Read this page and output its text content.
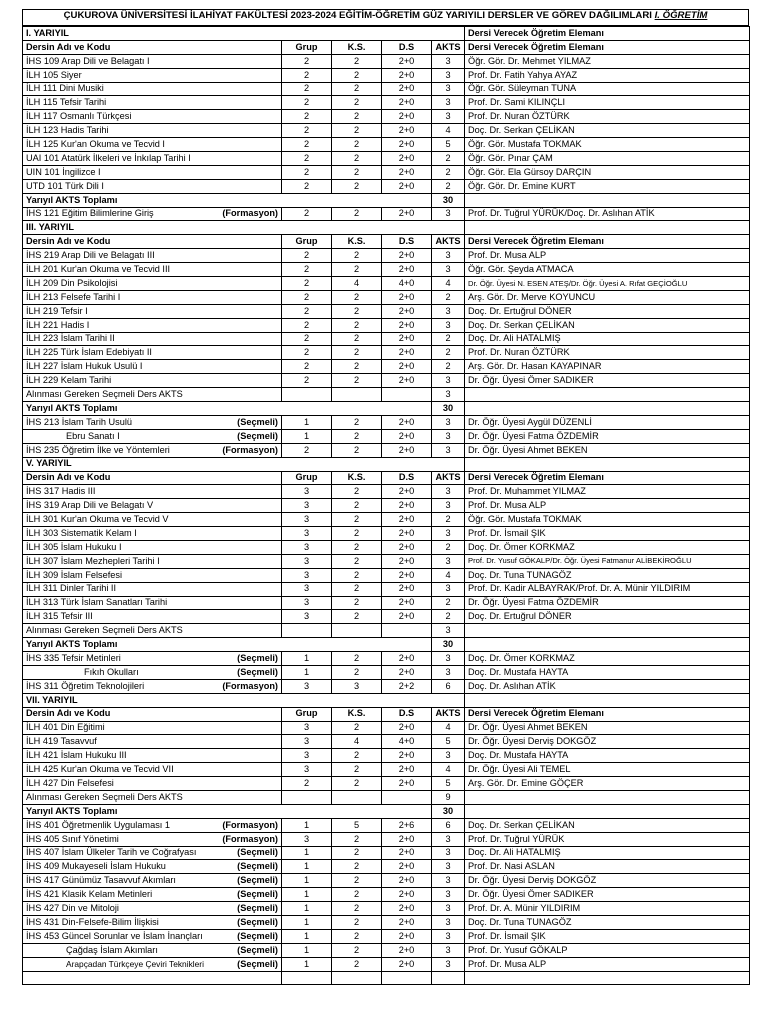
ÇUKUROVA ÜNİVERSİTESİ İLAHİYAT FAKÜLTESİ 2023-2024 EĞİTİM-ÖĞRETİM GÜZ YARIYILI DERSLER VE GÖREV DAĞILIMLARI I. ÖĞRETİM
I. YARIYIL					Dersi Verecek Öğretim Elemanı
Dersin Adı ve Kodu	Grup	K.S.	D.S	AKTS	Dersi Verecek Öğretim Elemanı

İHS 109 Arap Dili ve Belagatı I	2	2	2+0	3	Öğr. Gör. Dr. Mehmet YILMAZ

İLH 105 Siyer	2	2	2+0	3	Prof. Dr. Fatih Yahya AYAZ

İLH 111 Dini Musiki	2	2	2+0	3	Öğr. Gör. Süleyman TUNA

İLH 115 Tefsir Tarihi	2	2	2+0	3	Prof. Dr. Sami KILINÇLI

İLH 117 Osmanlı Türkçesi	2	2	2+0	3	Prof. Dr. Nuran ÖZTÜRK

İLH 123 Hadis Tarihi	2	2	2+0	4	Doç. Dr. Serkan ÇELİKAN

İLH 125 Kur'an Okuma ve Tecvid I	2	2	2+0	5	Öğr. Gör. Mustafa TOKMAK

UAI 101 Atatürk İlkeleri ve İnkılap Tarihi I	2	2	2+0	2	Öğr. Gör. Pınar ÇAM

UIN 101 İngilizce I	2	2	2+0	2	Öğr. Gör. Ela Gürsoy DARÇIN

UTD 101 Türk Dili I	2	2	2+0	2	Öğr. Gör. Dr. Emine KURT
Yarıyıl AKTS Toplamı				30	

İHS 121 Eğitim Bilimlerine Giriş (Formasyon)	2	2	2+0	3	Prof. Dr. Tuğrul YÜRÜK/Doç. Dr. Aslıhan ATİK
III. YARIYIL					
Dersin Adı ve Kodu	Grup	K.S.	D.S	AKTS	Dersi Verecek Öğretim Elemanı

İHS 219 Arap Dili ve Belagatı III	2	2	2+0	3	Prof. Dr. Musa ALP

İLH 201 Kur'an Okuma ve Tecvid III	2	2	2+0	3	Öğr. Gör. Şeyda ATMACA

İLH 209 Din Psikolojisi	2	4	4+0	4	Dr. Öğr. Üyesi N. ESEN ATEŞ/Dr. Öğr. Üyesi A. Rıfat GEÇİOĞLU

İLH 213 Felsefe Tarihi I	2	2	2+0	2	Arş. Gör. Dr. Merve KOYUNCU

İLH 219 Tefsir I	2	2	2+0	3	Doç. Dr. Ertuğrul DÖNER

İLH 221 Hadis I	2	2	2+0	3	Doç. Dr. Serkan ÇELİKAN

İLH 223 İslam Tarihi II	2	2	2+0	2	Doç. Dr. Ali HATALMIŞ

İLH 225 Türk İslam Edebiyatı II	2	2	2+0	2	Prof. Dr. Nuran ÖZTÜRK

İLH 227 İslam Hukuk Usulü I	2	2	2+0	2	Arş. Gör. Dr. Hasan KAYAPINAR

İLH 229 Kelam Tarihi	2	2	2+0	3	Dr. Öğr. Üyesi Ömer SADIKER
Alınması Gereken Seçmeli Ders AKTS				3	
Yarıyıl AKTS Toplamı				30	

İHS 213 İslam Tarih Usulü (Seçmeli)	1	2	2+0	3	Dr. Öğr. Üyesi Aygül DÜZENLİ

Ebru Sanatı I (Seçmeli)	1	2	2+0	3	Dr. Öğr. Üyesi Fatma ÖZDEMİR

İHS 235 Öğretim İlke ve Yöntemleri (Formasyon)	2	2	2+0	3	Dr. Öğr. Üyesi Ahmet BEKEN
V. YARIYIL					
Dersin Adı ve Kodu	Grup	K.S.	D.S	AKTS	Dersi Verecek Öğretim Elemanı

İHS 317 Hadis III	3	2	2+0	3	Prof. Dr. Muhammet YILMAZ

İHS 319 Arap Dili ve Belagatı V	3	2	2+0	3	Prof. Dr. Musa ALP

İLH 301 Kur'an Okuma ve Tecvid V	3	2	2+0	2	Öğr. Gör. Mustafa TOKMAK

İLH 303 Sistematik Kelam I	3	2	2+0	3	Prof. Dr. İsmail ŞIK

İLH 305 İslam Hukuku I	3	2	2+0	2	Doç. Dr. Ömer KORKMAZ

İLH 307 İslam Mezhepleri Tarihi I	3	2	2+0	3	Prof. Dr. Yusuf GÖKALP/Dr. Öğr. Üyesi Fatmanur ALİBEKİROĞLU

İLH 309 İslam Felsefesi	3	2	2+0	4	Doç. Dr. Tuna TUNAGÖZ

İLH 311 Dinler Tarihi II	3	2	2+0	3	Prof. Dr. Kadir ALBAYRAK/Prof. Dr. A. Münir YILDIRIM

İLH 313 Türk İslam Sanatları Tarihi	3	2	2+0	2	Dr. Öğr. Üyesi Fatma ÖZDEMİR

İLH 315 Tefsir III	3	2	2+0	2	Doç. Dr. Ertuğrul DÖNER
Alınması Gereken Seçmeli Ders AKTS				3	
Yarıyıl AKTS Toplamı				30	

İHS 335 Tefsir Metinleri (Seçmeli)	1	2	2+0	3	Doç. Dr. Ömer KORKMAZ

Fıkıh Okulları (Seçmeli)	1	2	2+0	3	Doç. Dr. Mustafa HAYTA

İHS 311 Öğretim Teknolojileri (Formasyon)	3	3	2+2	6	Doç. Dr. Aslıhan ATİK
VII. YARIYIL					
Dersin Adı ve Kodu	Grup	K.S.	D.S	AKTS	Dersi Verecek Öğretim Elemanı

İLH 401 Din Eğitimi	3	2	2+0	4	Dr. Öğr. Üyesi Ahmet BEKEN

İLH 419 Tasavvuf	3	4	4+0	5	Dr. Öğr. Üyesi Derviş DOKGÖZ

İLH 421 İslam Hukuku III	3	2	2+0	3	Doç. Dr. Mustafa HAYTA

İLH 425 Kur'an Okuma ve Tecvid VII	3	2	2+0	4	Dr. Öğr. Üyesi Ali TEMEL

İLH 427 Din Felsefesi	2	2	2+0	5	Arş. Gör. Dr. Emine GÖÇER
Alınması Gereken Seçmeli Ders AKTS				9	
Yarıyıl AKTS Toplamı				30	

İHS 401 Öğretmenlik Uygulaması 1 (Formasyon)	1	5	2+6	6	Doç. Dr. Serkan ÇELİKAN

İHS 405 Sınıf Yönetimi (Formasyon)	3	2	2+0	3	Prof. Dr. Tuğrul YÜRÜK

İHS 407 İslam Ülkeler Tarih ve Coğrafyası (Seçmeli)	1	2	2+0	3	Doç. Dr. Ali HATALMIŞ

İHS 409 Mukayeseli İslam Hukuku (Seçmeli)	1	2	2+0	3	Prof. Dr. Nasi ASLAN

İHS 417 Günümüz Tasavvuf Akımları (Seçmeli)	1	2	2+0	3	Dr. Öğr. Üyesi Derviş DOKGÖZ

İHS 421 Klasik Kelam Metinleri (Seçmeli)	1	2	2+0	3	Dr. Öğr. Üyesi Ömer SADIKER

İHS 427 Din ve Mitoloji (Seçmeli)	1	2	2+0	3	Prof. Dr. A. Münir YILDIRIM

İHS 431 Din-Felsefe-Bilim İlişkisi (Seçmeli)	1	2	2+0	3	Doç. Dr. Tuna TUNAGÖZ

İHS 453 Güncel Sorunlar ve İslam İnançları (Seçmeli)	1	2	2+0	3	Prof. Dr. İsmail ŞIK

Çağdaş İslam Akımları (Seçmeli)	1	2	2+0	3	Prof. Dr. Yusuf GÖKALP

Arapçadan Türkçeye Çeviri Teknikleri (Seçmeli)	1	2	2+0	3	Prof. Dr. Musa ALP
